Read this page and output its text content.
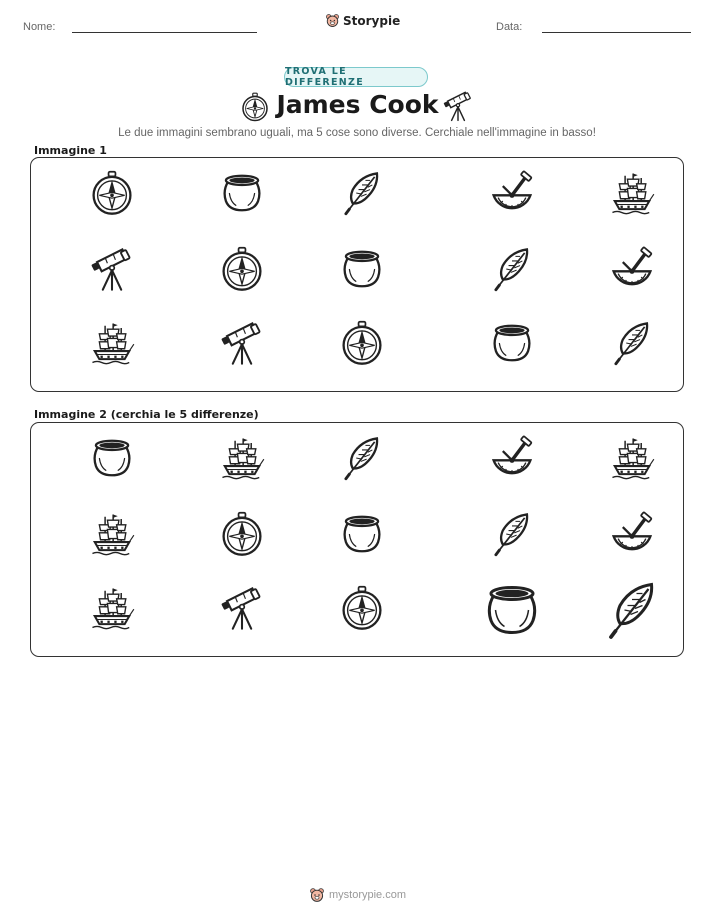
Nome:	Storypie	Data:
TROVA LE DIFFERENZE
James Cook
Le due immagini sembrano uguali, ma 5 cose sono diverse. Cerchiale nell'immagine in basso!
Immagine 1
Immagine 2 (cerchia le 5 differenze)
mystorypie.com
